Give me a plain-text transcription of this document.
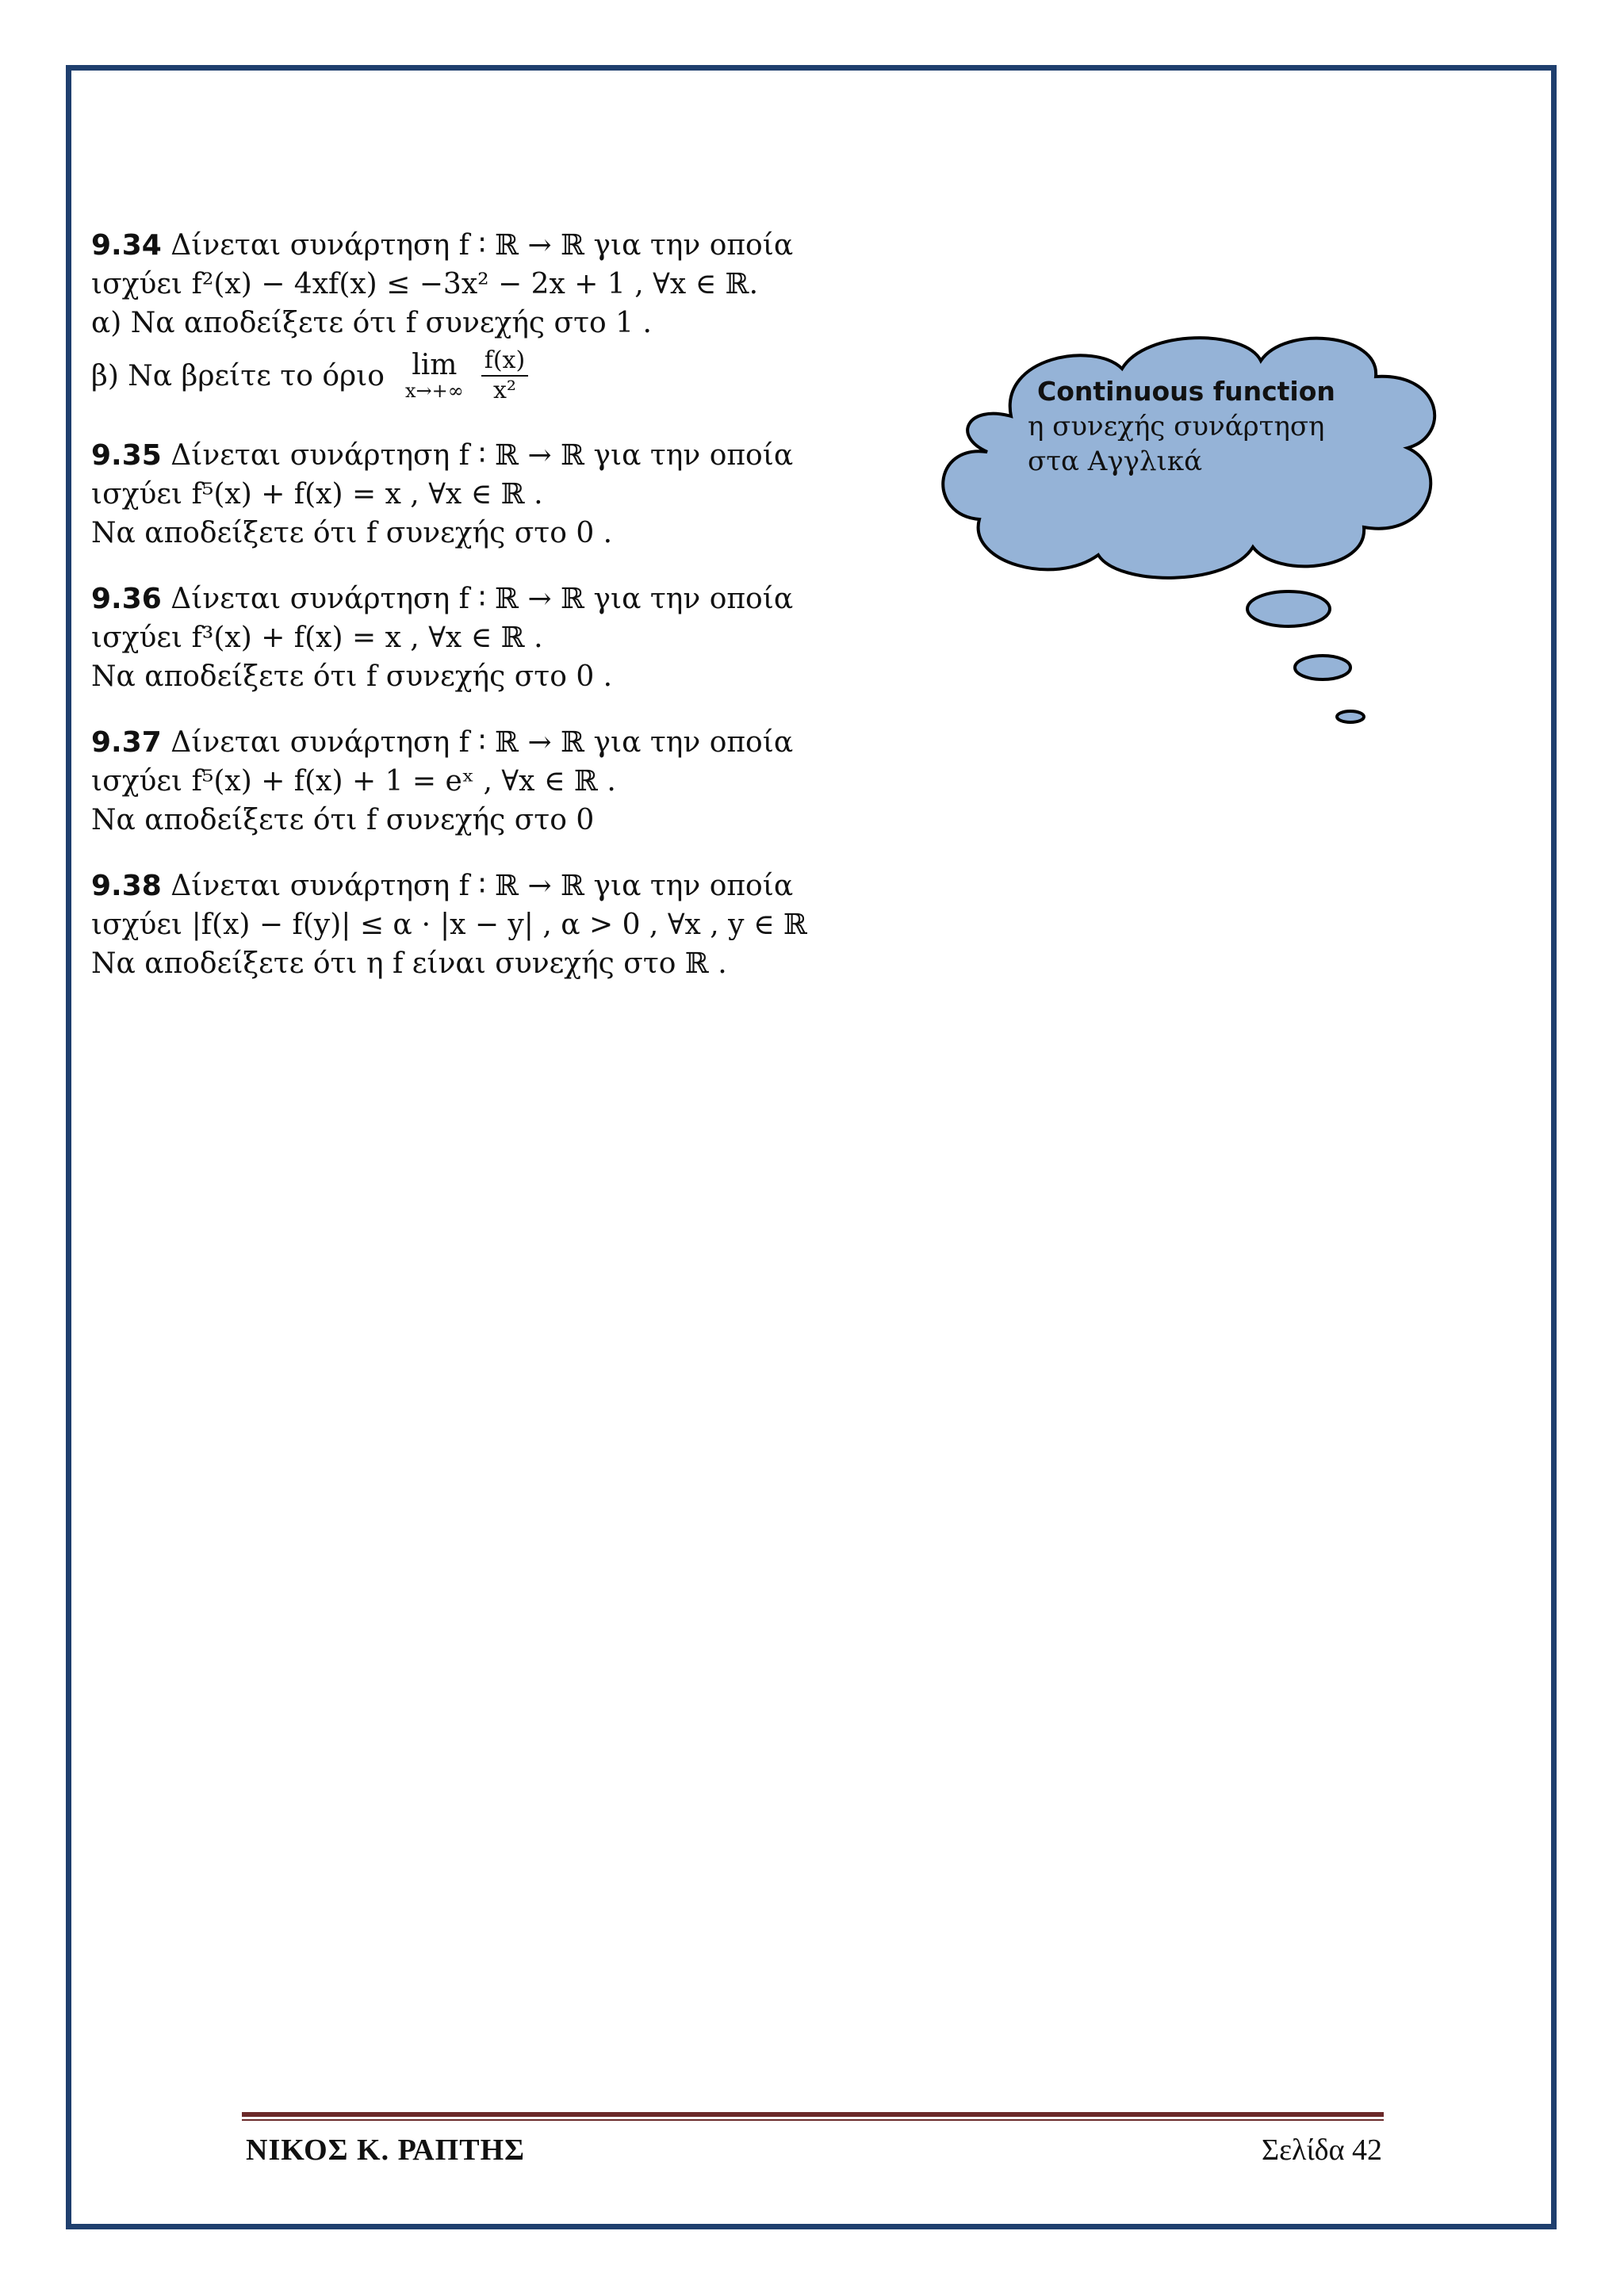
9.34 Δίνεται συνάρτηση f ∶ ℝ → ℝ για την οποία
ισχύει f²(x) − 4xf(x) ≤ −3x² − 2x + 1 , ∀x ∈ ℝ.
α) Να αποδείξετε ότι f συνεχής στο 1 .
β) Να βρείτε το όριο lim
$x\to+\infty \frac{f(x)}{\text{x²}}$
9.35 Δίνεται συνάρτηση f ∶ ℝ → ℝ για την οποία
ισχύει f⁵(x) + f(x) = x , ∀x ∈ ℝ .
Να αποδείξετε ότι f συνεχής στο 0 .
9.36 Δίνεται συνάρτηση f ∶ ℝ → ℝ για την οποία
ισχύει f³(x) + f(x) = x , ∀x ∈ ℝ .
Να αποδείξετε ότι f συνεχής στο 0 .
9.37 Δίνεται συνάρτηση f ∶ ℝ → ℝ για την οποία
ισχύει f⁵(x) + f(x) + 1 = eˣ , ∀x ∈ ℝ .
Να αποδείξετε ότι f συνεχής στο 0
9.38 Δίνεται συνάρτηση f ∶ ℝ → ℝ για την οποία
ισχύει |f(x) − f(y)| ≤ α ⋅ |x − y| , α > 0 , ∀x , y ∈ ℝ
Να αποδείξετε ότι η f είναι συνεχής στο ℝ .
Continuous function
η συνεχής συνάρτηση
στα Αγγλικά
ΝΙΚΟΣ Κ. ΡΑΠΤΗΣ	Σελίδα 42
